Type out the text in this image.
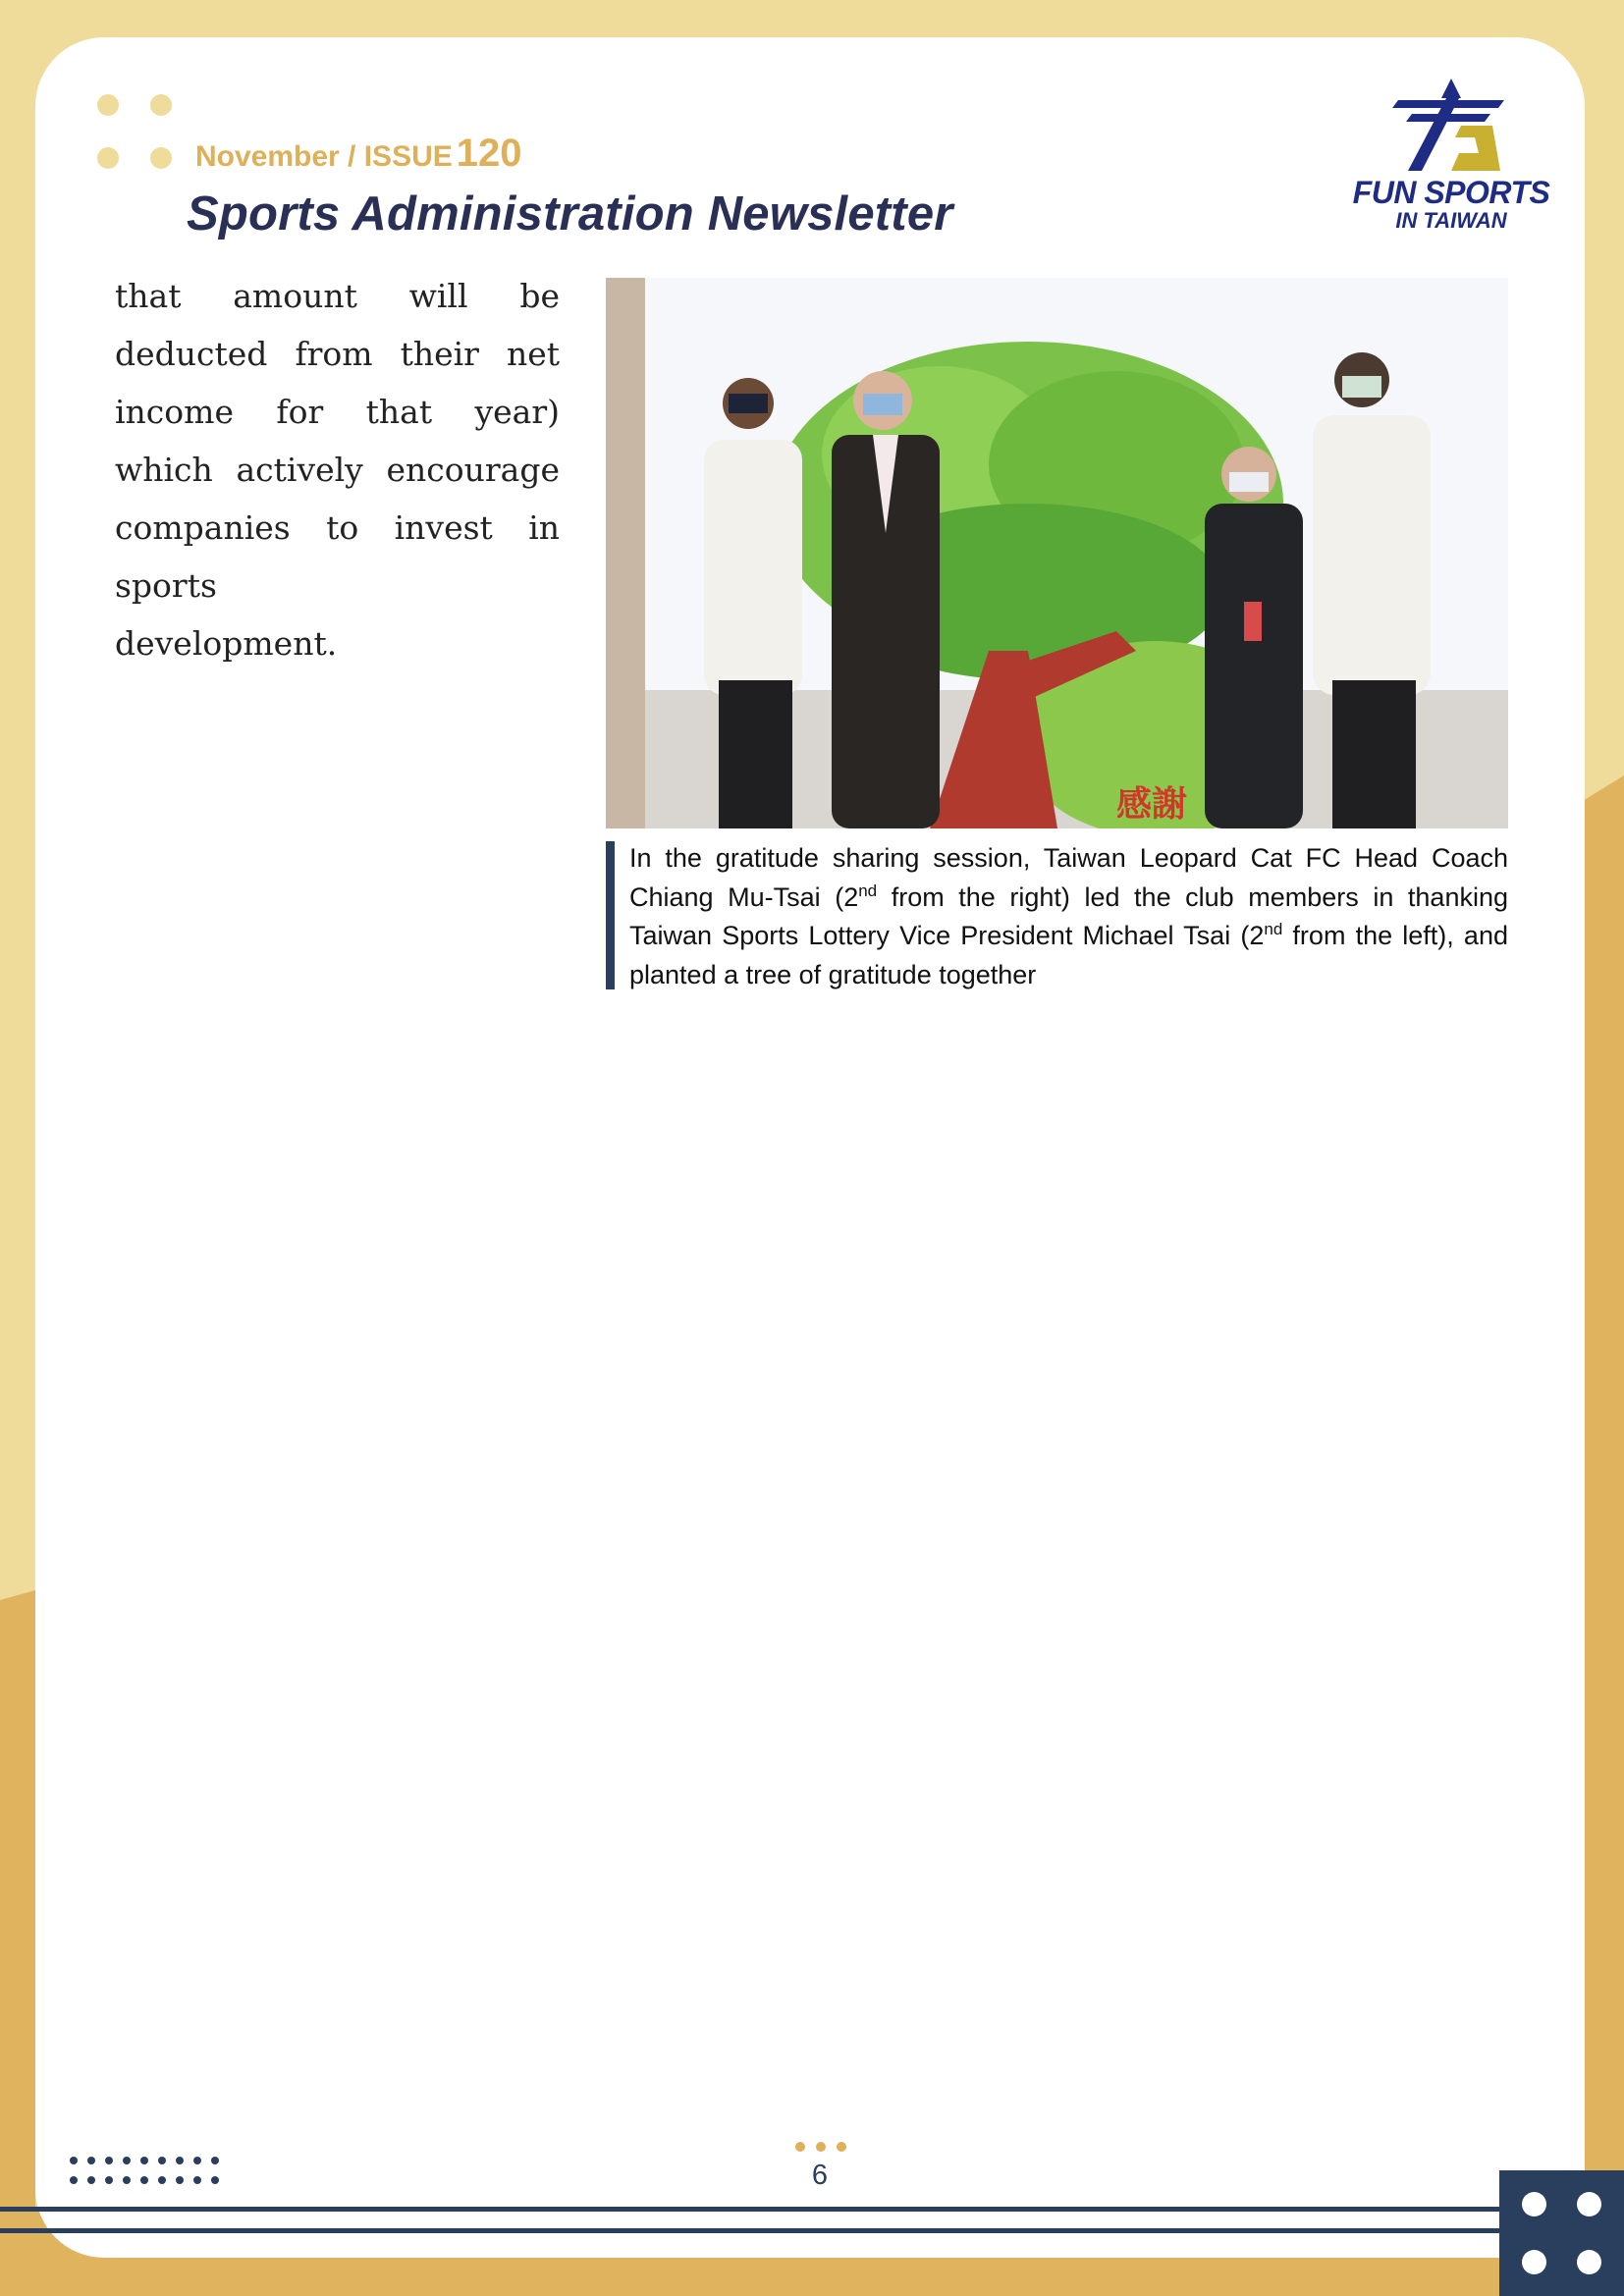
November / ISSUE 120
Sports Administration Newsletter	FUN SPORTS
IN TAIWAN
that amount will be deducted from their net income for that year) which actively encourage companies to invest in sports
development.
感謝
In the gratitude sharing session, Taiwan Leopard Cat FC Head Coach Chiang Mu-Tsai (2nd from the right) led the club members in thanking Taiwan Sports Lottery Vice President Michael Tsai (2nd from the left), and planted a tree of gratitude together
6
